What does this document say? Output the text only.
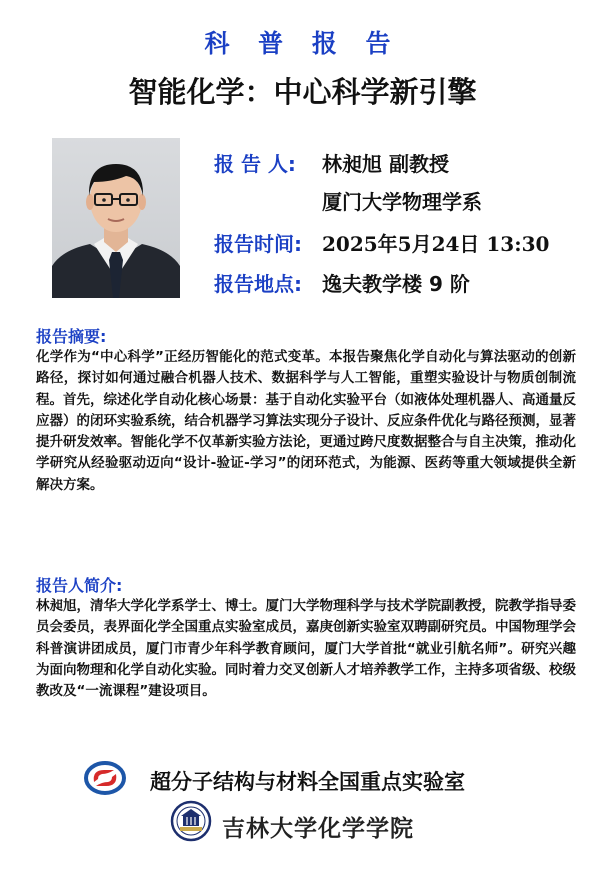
科 普 报 告
智能化学：中心科学新引擎
报 告 人: 林昶旭 副教授
厦门大学物理学系
报告时间: 2025年5月24日 13:30
报告地点: 逸夫教学楼 9 阶
报告摘要:
化学作为“中心科学”正经历智能化的范式变革。本报告聚焦化学自动化与算法驱动的创新路径，探讨如何通过融合机器人技术、数据科学与人工智能，重塑实验设计与物质创制流程。首先，综述化学自动化核心场景：基于自动化实验平台（如液体处理机器人、高通量反应器）的闭环实验系统，结合机器学习算法实现分子设计、反应条件优化与路径预测，显著提升研发效率。智能化学不仅革新实验方法论，更通过跨尺度数据整合与自主决策，推动化学研究从经验驱动迈向“设计-验证-学习”的闭环范式，为能源、医药等重大领域提供全新解决方案。
报告人简介:
林昶旭，清华大学化学系学士、博士。厦门大学物理科学与技术学院副教授，院教学指导委员会委员，表界面化学全国重点实验室成员，嘉庚创新实验室双聘副研究员。中国物理学会科普演讲团成员，厦门市青少年科学教育顾问，厦门大学首批“就业引航名师”。研究兴趣为面向物理和化学自动化实验。同时着力交叉创新人才培养教学工作，主持多项省级、校级教改及“一流课程”建设项目。
超分子结构与材料全国重点实验室
吉林大学化学学院
